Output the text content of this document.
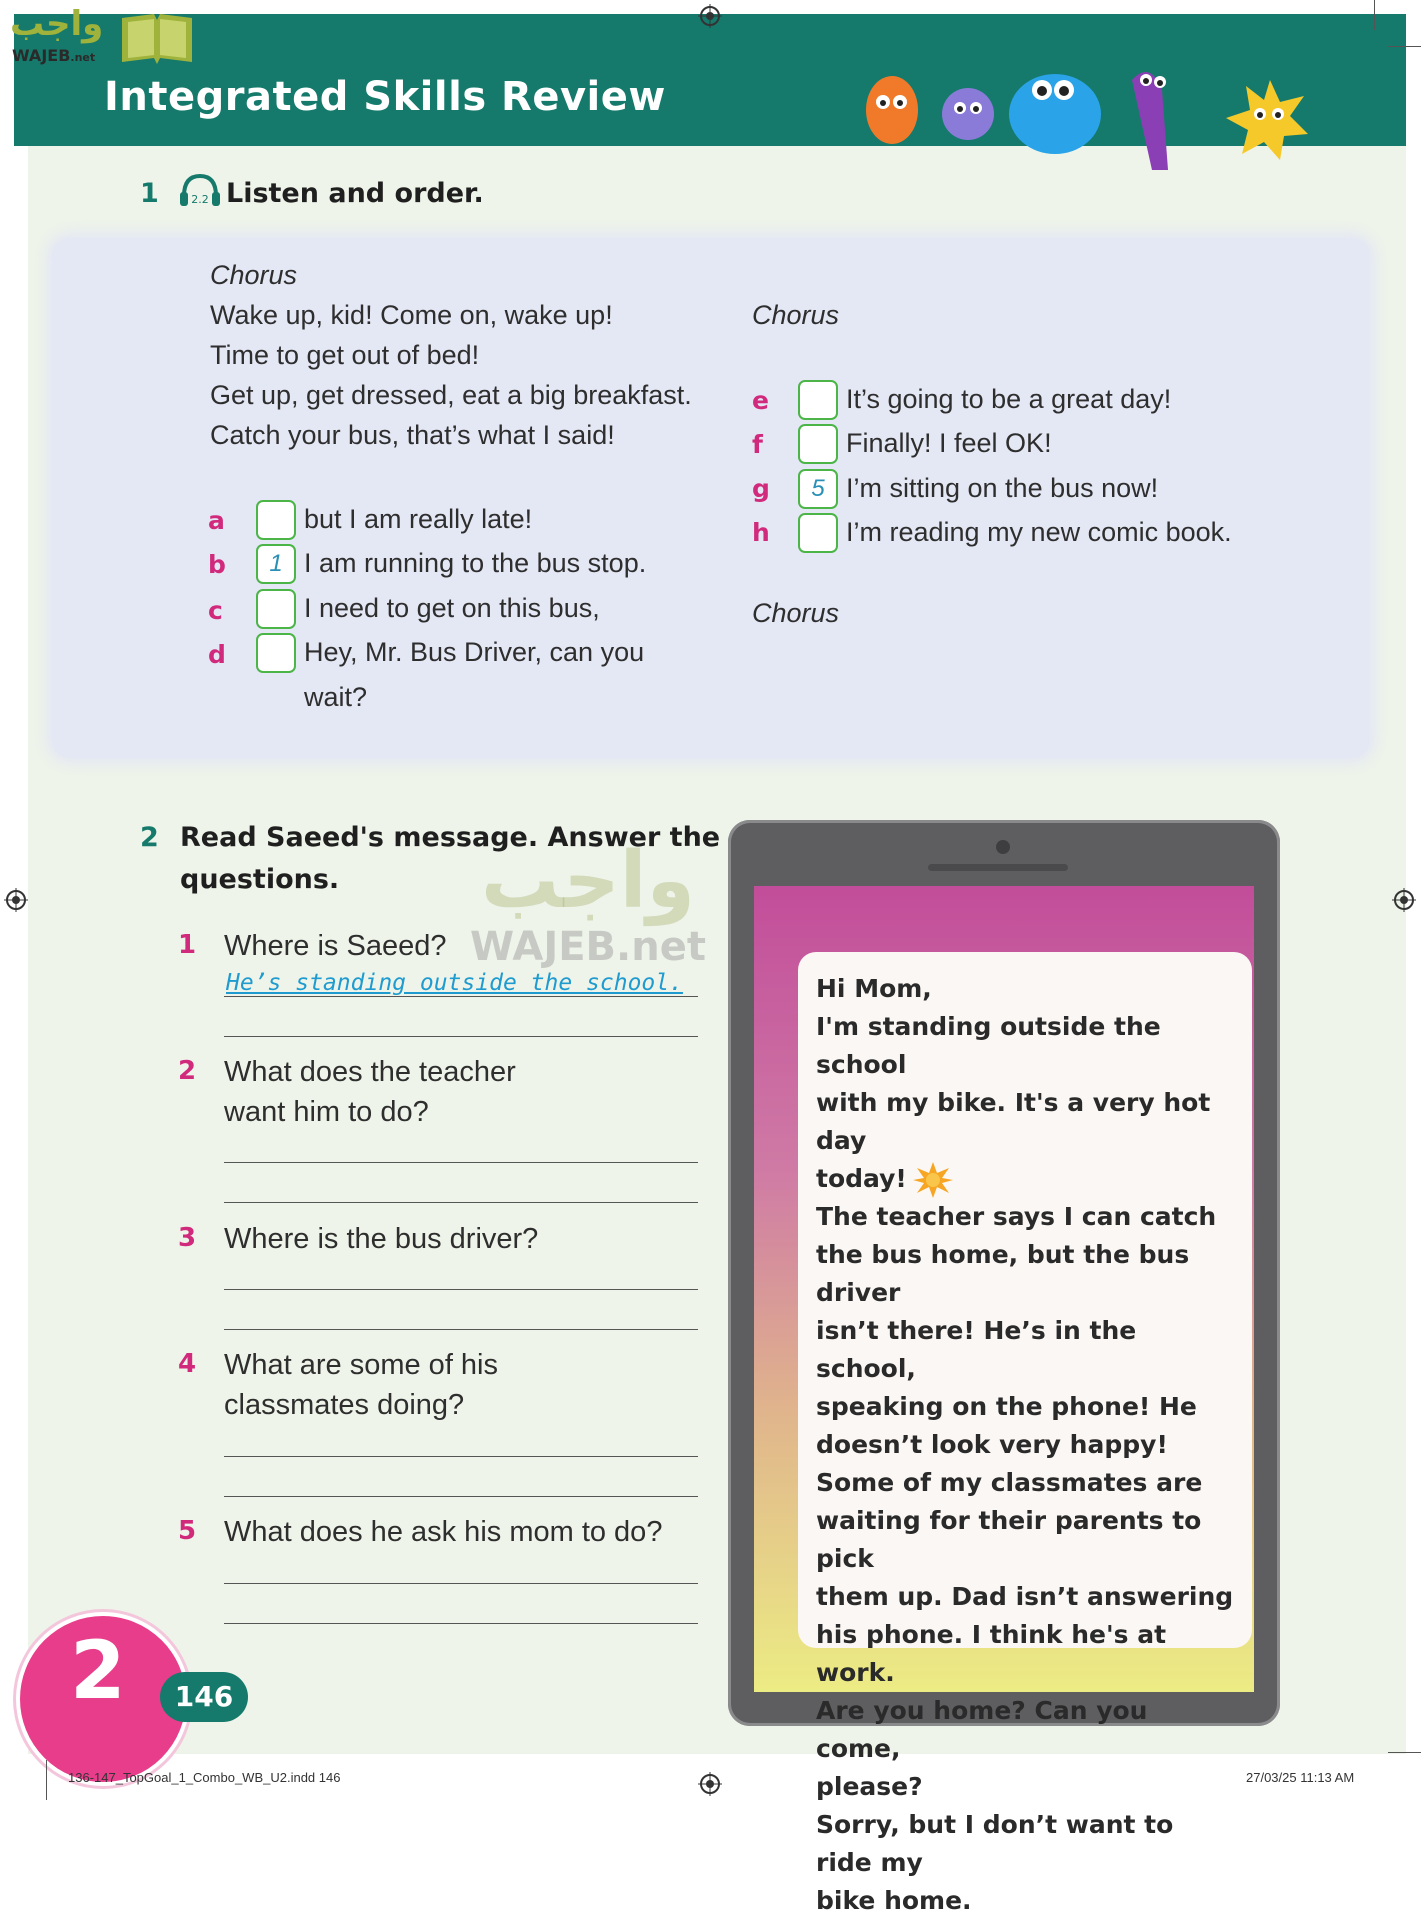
Integrated Skills Review
واجب
WAJEB.net
1	2.2 Listen and order.
Chorus
Wake up, kid! Come on, wake up!
Time to get out of bed!
Get up, get dressed, eat a big breakfast.
Catch your bus, that’s what I said!
a	but I am really late!
b	1 I am running to the bus stop.
c	I need to get on this bus,
d	Hey, Mr. Bus Driver, can you
wait?
Chorus
e	It’s going to be a great day!
f	Finally! I feel OK!
g	5 I’m sitting on the bus now!
h	I’m reading my new comic book.
Chorus
2 Read Saeed's message. Answer the
questions.
1 Where is Saeed?
He’s standing outside the school.
2 What does the teacher
want him to do?
3 Where is the bus driver?
4 What are some of his
classmates doing?
5 What does he ask his mom to do?

Hi Mom,

I'm standing outside the school

with my bike. It's a very hot day

today!

The teacher says I can catch

the bus home, but the bus driver

isn’t there! He’s in the school,

speaking on the phone! He

doesn’t look very happy!

Some of my classmates are

waiting for their parents to pick

them up. Dad isn’t answering

his phone. I think he's at work.

Are you home? Can you come,

please?

Sorry, but I don’t want to ride my

bike home.

واجب
WAJEB.net
2	146
136-147_TopGoal_1_Combo_WB_U2.indd 146	27/03/25 11:13 AM
